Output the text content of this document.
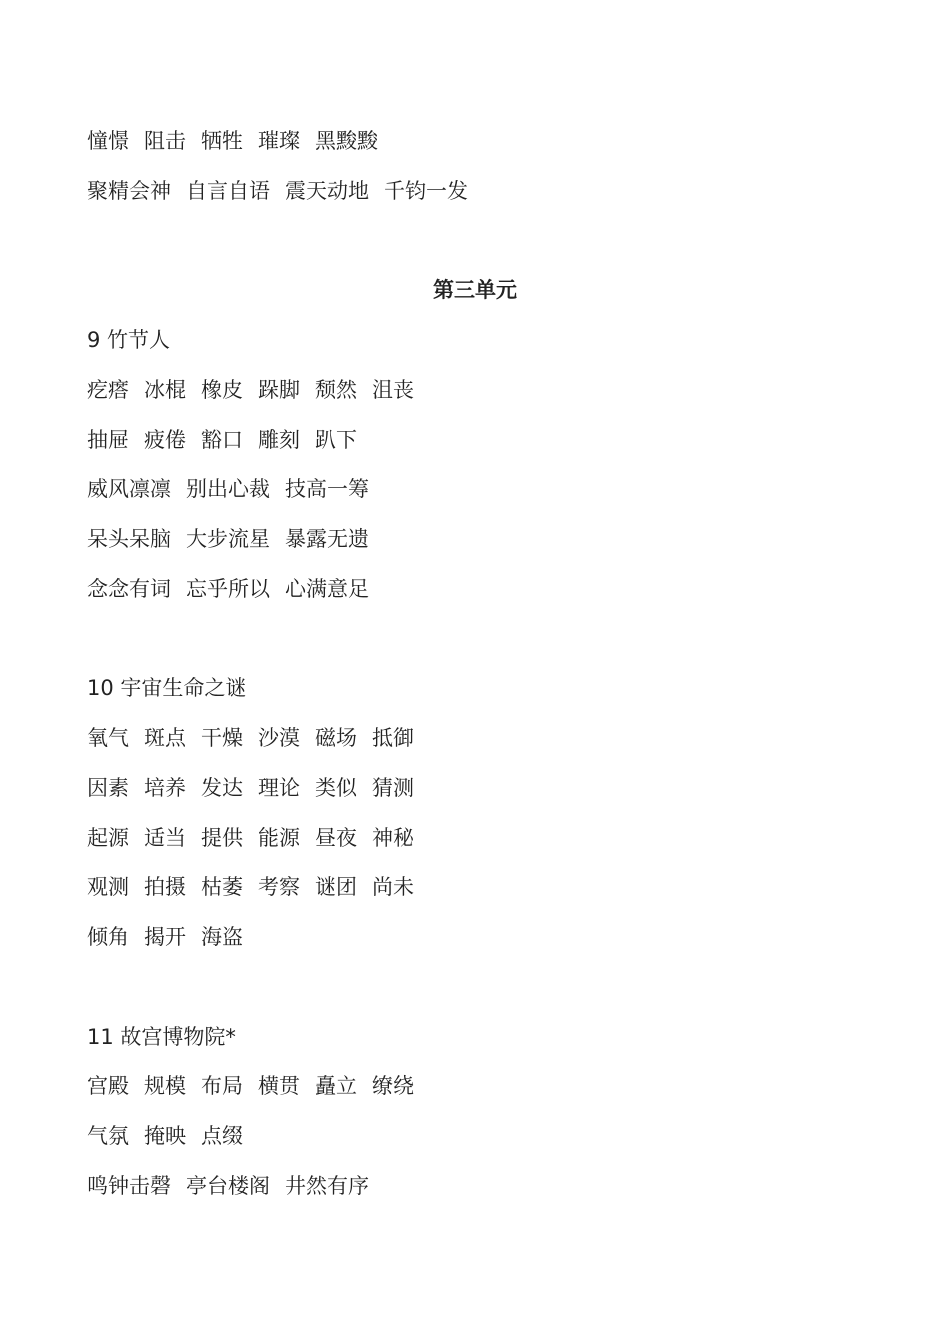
憧憬 阻击 牺牲 璀璨 黑黢黢
聚精会神 自言自语 震天动地 千钧一发
第三单元
9 竹节人
疙瘩 冰棍 橡皮 跺脚 颓然 沮丧
抽屉 疲倦 豁口 雕刻 趴下
威风凛凛 别出心裁 技高一筹
呆头呆脑 大步流星 暴露无遗
念念有词 忘乎所以 心满意足
10 宇宙生命之谜
氧气 斑点 干燥 沙漠 磁场 抵御
因素 培养 发达 理论 类似 猜测
起源 适当 提供 能源 昼夜 神秘
观测 拍摄 枯萎 考察 谜团 尚未
倾角 揭开 海盗
11 故宫博物院*
宫殿 规模 布局 横贯 矗立 缭绕
气氛 掩映 点缀
鸣钟击磬 亭台楼阁 井然有序
